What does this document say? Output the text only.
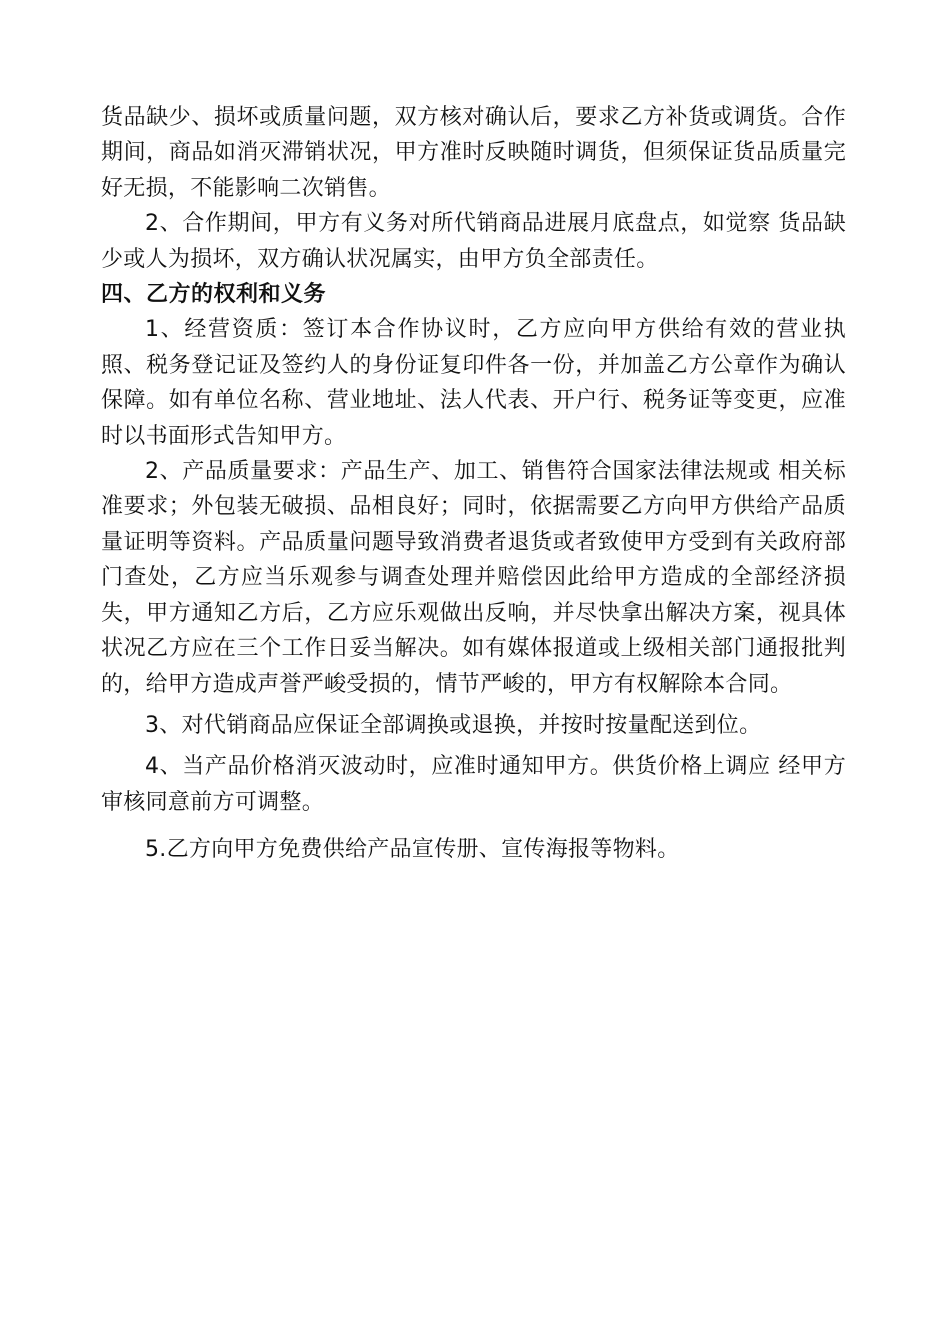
货品缺少、损坏或质量问题，双方核对确认后，要求乙方补货或调货。合作期间，商品如消灭滞销状况，甲方准时反映随时调货，但须保证货品质量完好无损，不能影响二次销售。

2、合作期间，甲方有义务对所代销商品进展月底盘点，如觉察 货品缺少或人为损坏，双方确认状况属实，由甲方负全部责任。

四、乙方的权利和义务

1、经营资质：签订本合作协议时，乙方应向甲方供给有效的营业执照、税务登记证及签约人的身份证复印件各一份，并加盖乙方公章作为确认保障。如有单位名称、营业地址、法人代表、开户行、税务证等变更，应准时以书面形式告知甲方。

2、产品质量要求：产品生产、加工、销售符合国家法律法规或 相关标准要求；外包装无破损、品相良好；同时，依据需要乙方向甲方供给产品质量证明等资料。产品质量问题导致消费者退货或者致使甲方受到有关政府部门查处，乙方应当乐观参与调查处理并赔偿因此给甲方造成的全部经济损失，甲方通知乙方后，乙方应乐观做出反响，并尽快拿出解决方案，视具体状况乙方应在三个工作日妥当解决。如有媒体报道或上级相关部门通报批判的，给甲方造成声誉严峻受损的，情节严峻的，甲方有权解除本合同。

3、对代销商品应保证全部调换或退换，并按时按量配送到位。

4、当产品价格消灭波动时，应准时通知甲方。供货价格上调应 经甲方审核同意前方可调整。

5.乙方向甲方免费供给产品宣传册、宣传海报等物料。
